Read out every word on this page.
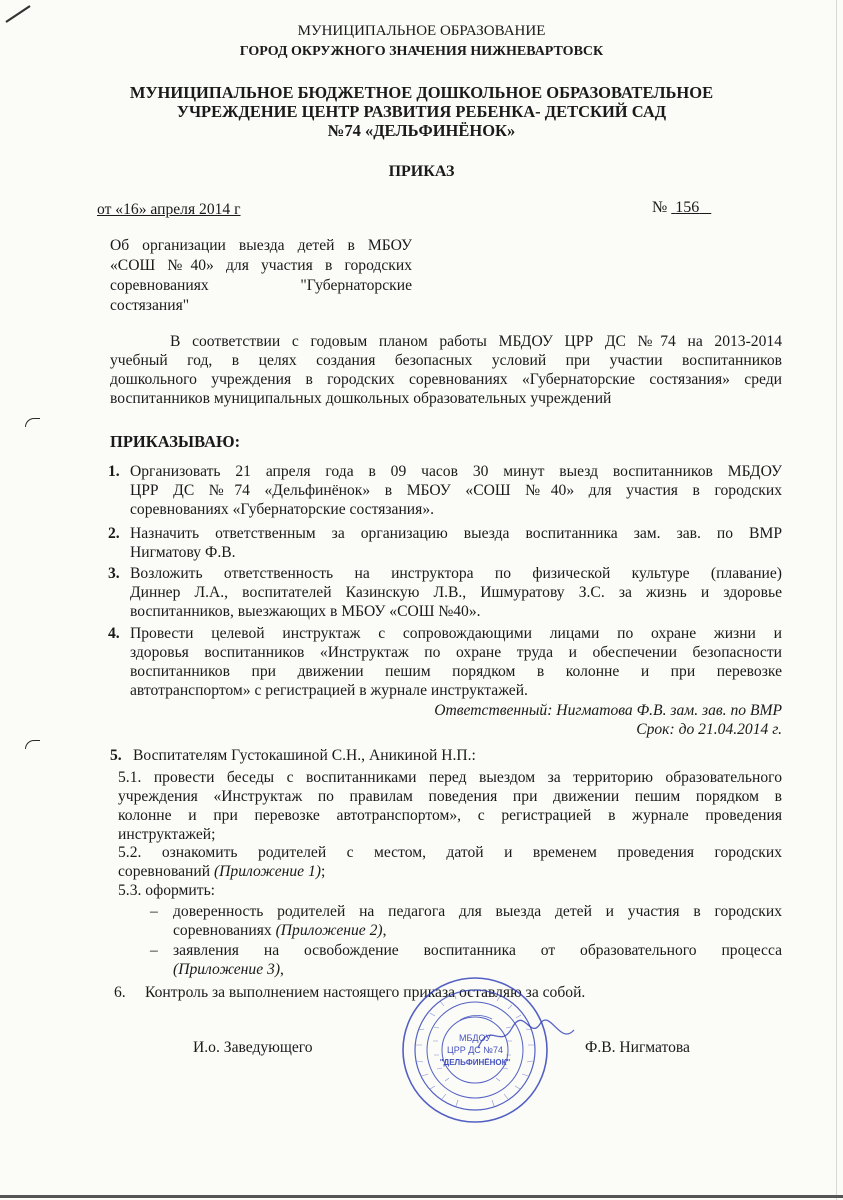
МУНИЦИПАЛЬНОЕ ОБРАЗОВАНИЕ
ГОРОД ОКРУЖНОГО ЗНАЧЕНИЯ НИЖНЕВАРТОВСК
МУНИЦИПАЛЬНОЕ БЮДЖЕТНОЕ ДОШКОЛЬНОЕ ОБРАЗОВАТЕЛЬНОЕ
УЧРЕЖДЕНИЕ ЦЕНТР РАЗВИТИЯ РЕБЕНКА- ДЕТСКИЙ САД
№74 «ДЕЛЬФИНЁНОК»
ПРИКАЗ
от «16» апреля 2014 г	№  156
Об организации выезда детей в МБОУ
«СОШ №40» для участия в городских
соревнованиях "Губернаторские
состязания"
В соответствии с годовым планом работы МБДОУ ЦРР ДС №74 на 2013-2014
учебный год, в целях создания безопасных условий при участии воспитанников
дошкольного учреждения в городских соревнованиях «Губернаторские состязания» среди
воспитанников муниципальных дошкольных образовательных учреждений
ПРИКАЗЫВАЮ:
1. Организовать 21 апреля года в 09 часов 30 минут выезд воспитанников МБДОУ
ЦРР ДС №74 «Дельфинёнок» в МБОУ «СОШ №40» для участия в городских
соревнованиях «Губернаторские состязания».
2. Назначить ответственным за организацию выезда воспитанника зам. зав. по ВМР
Нигматову Ф.В.
3. Возложить ответственность на инструктора по физической культуре (плавание)
Диннер Л.А., воспитателей Казинскую Л.В., Ишмуратову З.С. за жизнь и здоровье
воспитанников, выезжающих в МБОУ «СОШ №40».
4. Провести целевой инструктаж с сопровождающими лицами по охране жизни и
здоровья воспитанников «Инструктаж по охране труда и обеспечении безопасности
воспитанников при движении пешим порядком в колонне и при перевозке
автотранспортом» с регистрацией в журнале инструктажей.
Ответственный: Нигматова Ф.В. зам. зав. по ВМР
Срок: до 21.04.2014 г.
5. Воспитателям Густокашиной С.Н., Аникиной Н.П.:
5.1. провести беседы с воспитанниками перед выездом за территорию образовательного
учреждения «Инструктаж по правилам поведения при движении пешим порядком в
колонне и при перевозке автотранспортом», с регистрацией в журнале проведения
инструктажей;
5.2. ознакомить родителей с местом, датой и временем проведения городских
соревнований (Приложение 1);
5.3. оформить:
– доверенность родителей на педагога для выезда детей и участия в городских
соревнованиях (Приложение 2),
– заявления на освобождение воспитанника от образовательного процесса
(Приложение 3),
6. Контроль за выполнением настоящего приказа оставляю за собой.
И.о. Заведующего	Ф.В. Нигматова
МБДОУ
ЦРР ДС №74
"ДЕЛЬФИНЁНОК"
